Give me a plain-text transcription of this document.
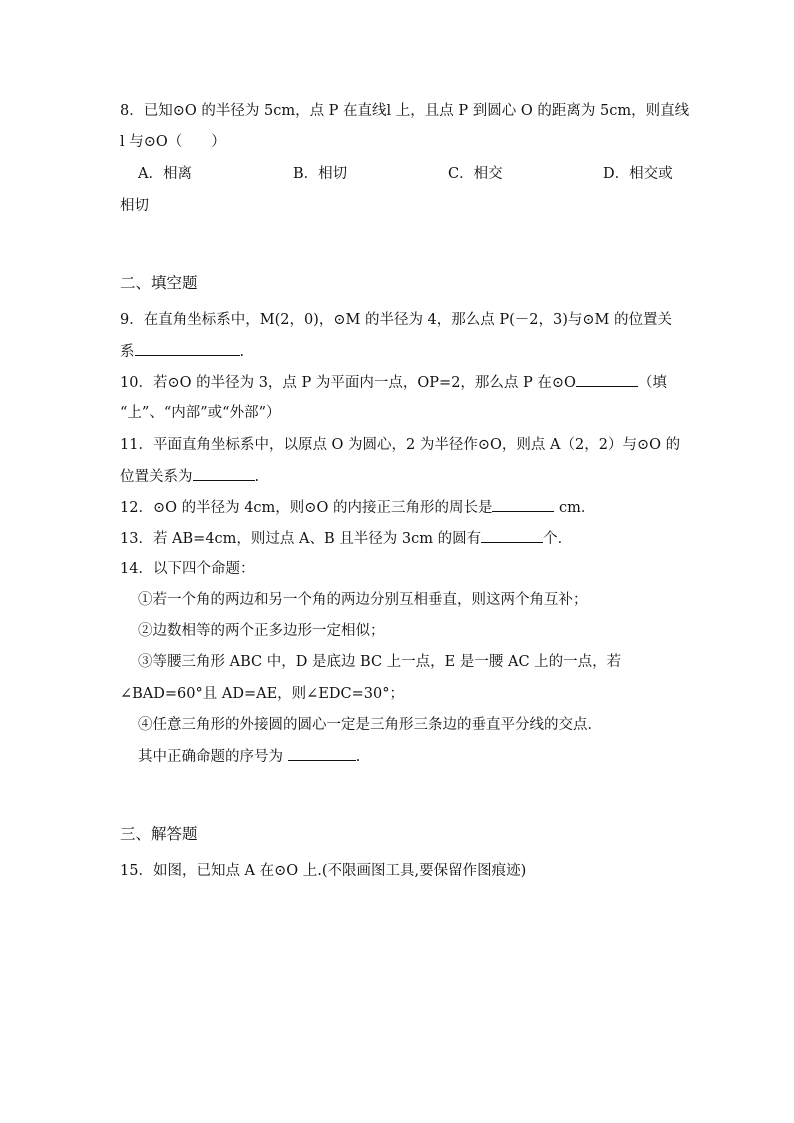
8．已知⊙O 的半径为 5cm，点 P 在直线l 上，且点 P 到圆心 O 的距离为 5cm，则直线
l 与⊙O（　　）
A．相离	B．相切	C．相交	D．相交或
相切
二、填空题
9．在直角坐标系中，M(2，0)，⊙M 的半径为 4，那么点 P(－2，3)与⊙M 的位置关
系	.
10．若⊙O 的半径为 3，点 P 为平面内一点，OP=2，那么点 P 在⊙O	（填
“上”、“内部”或“外部”）
11．平面直角坐标系中，以原点 O 为圆心，2 为半径作⊙O，则点 A（2，2）与⊙O 的
位置关系为	.
12．⊙O 的半径为 4cm，则⊙O 的内接正三角形的周长是	cm．
13．若 AB=4cm，则过点 A、B 且半径为 3cm 的圆有	个．
14．以下四个命题：
①若一个角的两边和另一个角的两边分别互相垂直，则这两个角互补；
②边数相等的两个正多边形一定相似；
③等腰三角形 ABC 中，D 是底边 BC 上一点，E 是一腰 AC 上的一点，若
∠BAD=60°且 AD=AE，则∠EDC=30°；
④任意三角形的外接圆的圆心一定是三角形三条边的垂直平分线的交点．
其中正确命题的序号为	.
三、解答题
15．如图，已知点 A 在⊙O 上.(不限画图工具,要保留作图痕迹)
